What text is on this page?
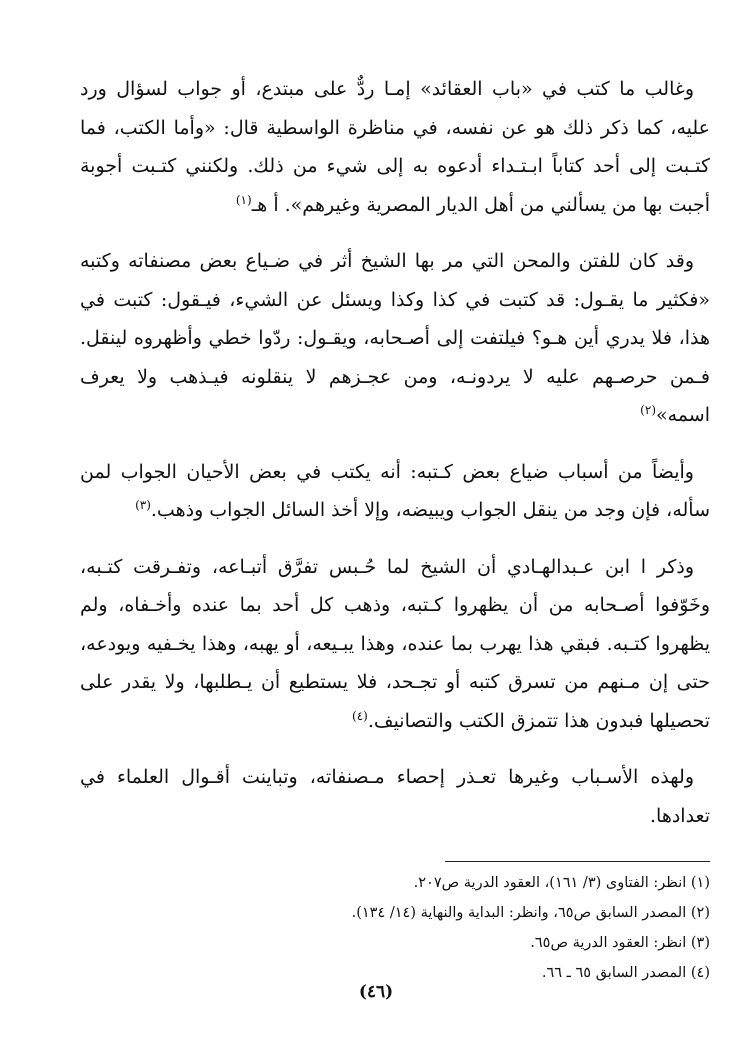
وغالب ما كتب في «باب العقائد» إمـا ردٌّ على مبتدع، أو جواب لسؤال ورد عليه، كما ذكر ذلك هو عن نفسه، في مناظرة الواسطية قال: «وأما الكتب، فما كتـبت إلى أحد كتاباً ابـتـداء أدعوه به إلى شيء من ذلك. ولكنني كتـبت أجوبة أجبت بها من يسألني من أهل الديار المصرية وغيرهم». أ هـ$^{(١)}$

وقد كان للفتن والمحن التي مر بها الشيخ أثر في ضـياع بعض مصنفاته وكتبه «فكثير ما يقـول: قد كتبت في كذا وكذا ويسئل عن الشيء، فيـقول: كتبت في هذا، فلا يدري أين هـو؟ فيلتفت إلى أصـحابه، ويقـول: ردّوا خطي وأظهروه لينقل. فـمن حرصـهم عليه لا يردونـه، ومن عجـزهم لا ينقلونه فيـذهب ولا يعرف اسمه»$^{(٢)}$

وأيضاً من أسباب ضياع بعض كـتبه: أنه يكتب في بعض الأحيان الجواب لمن سأله، فإن وجد من ينقل الجواب ويبيضه، وإلا أخذ السائل الجواب وذهب.$^{(٣)}$

وذكر ا ابن عـبدالهـادي أن الشيخ لما حُـبس تفرَّق أتبـاعه، وتفـرقت كتـبه، وخَوّفوا أصـحابه من أن يظهروا كـتبه، وذهب كل أحد بما عنده وأخـفاه، ولم يظهروا كتـبه. فبقي هذا يهرب بما عنده، وهذا يبـيعه، أو يهبه، وهذا يخـفيه ويودعه، حتى إن مـنهم من تسرق كتبه أو تجـحد، فلا يستطيع أن يـطلبها، ولا يقدر على تحصيلها فبدون هذا تتمزق الكتب والتصانيف.$^{(٤)}$

ولهذه الأسـباب وغيرها تعـذر إحصاء مـصنفاته، وتباينت أقـوال العلماء في تعدادها.

(١) انظر: الفتاوى (٣/ ١٦١)، العقود الدرية ص٢٠٧.

(٢) المصدر السابق ص٦٥، وانظر: البداية والنهاية (١٤/ ١٣٤).

(٣) انظر: العقود الدرية ص٦٥.

(٤) المصدر السابق ٦٥ ـ ٦٦.

(٤٦)
